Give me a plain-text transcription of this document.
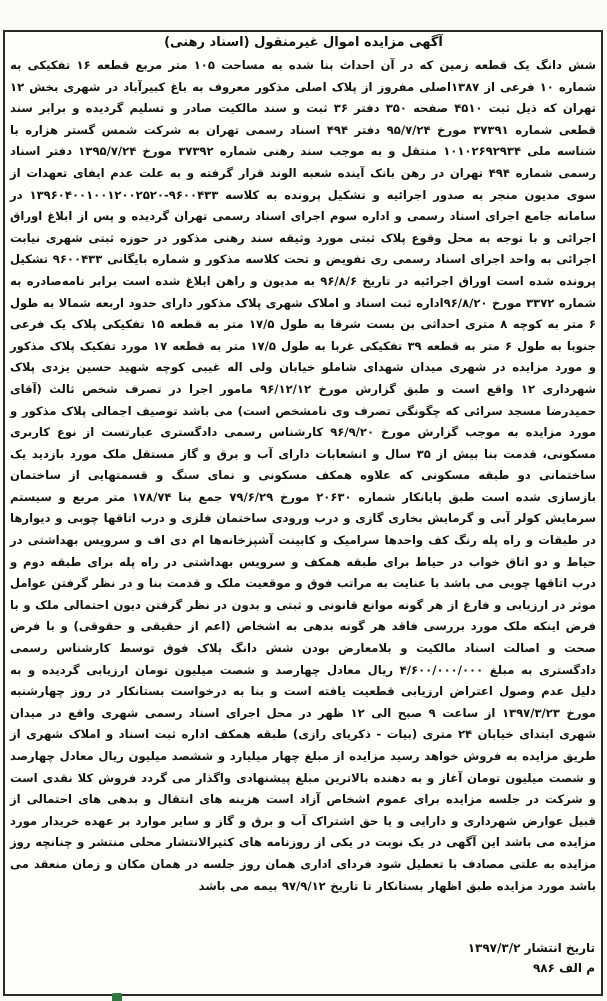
آگهی مزایده اموال غیرمنقول (اسناد رهنی)
شش دانگ یک قطعه زمین که در آن احداث بنا شده به مساحت ۱۰۵ متر مربع قطعه ۱۶ تفکیکی به شماره ۱۰ فرعی از ۱۳۸۷اصلی مفروز از پلاک اصلی مذکور معروف به باغ کبیرآباد در شهری بخش ۱۲ تهران که ذیل ثبت ۴۵۱۰ صفحه ۳۵۰ دفتر ۳۶ ثبت و سند مالکیت صادر و تسلیم گردیده و برابر سند قطعی شماره ۳۷۳۹۱ مورخ ۹۵/۷/۲۴ دفتر ۴۹۴ اسناد رسمی تهران به شرکت شمس گستر هزاره با شناسه ملی ۱۰۱۰۲۶۹۲۹۳۴ منتقل و به موجب سند رهنی شماره ۳۷۳۹۲ مورخ ۱۳۹۵/۷/۲۴ دفتر اسناد رسمی شماره ۴۹۴ تهران در رهن بانک آینده شعبه الوند قرار گرفته و به علت عدم ایفای تعهدات از سوی مدیون منجر به صدور اجرائیه و تشکیل پرونده به کلاسه ۹۶۰۰۴۳۳-۱۳۹۶۰۴۰۰۱۰۰۱۲۰۰۲۵۲۰ در سامانه جامع اجرای اسناد رسمی و اداره سوم اجرای اسناد رسمی تهران گردیده و پس از ابلاغ اوراق اجرائی و با توجه به محل وقوع پلاک ثبتی مورد وثیقه سند رهنی مذکور در حوزه ثبتی شهری نیابت اجرائی به واحد اجرای اسناد رسمی ری تفویض و تحت کلاسه مذکور و شماره بایگانی ۹۶۰۰۴۳۳ تشکیل پرونده شده است اوراق اجرائیه در تاریخ ۹۶/۸/۶ به مدیون و راهن ابلاغ شده است برابر نامه‌صادره به شماره ۳۳۷۲ مورخ ۹۶/۸/۲۰اداره ثبت اسناد و املاک شهری پلاک مذکور دارای حدود اربعه شمالا به طول ۶ متر به کوچه ۸ متری احداثی بن بست شرقا به طول ۱۷/۵ متر به قطعه ۱۵ تفکیکی پلاک یک فرعی جنوبا به طول ۶ متر به قطعه ۳۹ تفکیکی غربا به طول ۱۷/۵ متر به قطعه ۱۷ مورد تفکیک پلاک مذکور و مورد مزایده در شهری میدان شهدای شاملو خیابان ولی اله غیبی کوچه شهید حسین یزدی پلاک شهرداری ۱۲ واقع است و طبق گزارش مورخ ۹۶/۱۲/۱۲ مامور اجرا در تصرف شخص ثالث (آقای حمیدرضا مسجد سرائی که چگونگی تصرف وی نامشخص است) می باشد توصیف اجمالی پلاک مذکور و مورد مزایده به موجب گزارش مورخ ۹۶/۹/۲۰ کارشناس رسمی دادگستری عبارتست از نوع کاربری مسکونی، قدمت بنا بیش از ۳۵ سال و انشعابات دارای آب و برق و گاز مستقل ملک مورد بازدید یک ساختمانی دو طبقه مسکونی که علاوه همکف مسکونی و نمای سنگ و قسمتهایی از ساختمان بازسازی شده است طبق پایانکار شماره ۲۰۶۳۰ مورخ ۷۹/۶/۲۹ جمع بنا ۱۷۸/۷۴ متر مربع و سیستم سرمایش کولر آبی و گرمایش بخاری گازی و درب ورودی ساختمان فلزی و درب اتاقها چوبی و دیوارها در طبقات و راه پله رنگ کف واحدها سرامیک و کابینت آشپزخانه‌ها ام دی اف و سرویس بهداشتی در حیاط و دو اتاق خواب در حیاط برای طبقه همکف و سرویس بهداشتی در راه پله برای طبقه دوم و درب اتاقها چوبی می باشد با عنایت به مراتب فوق و موقعیت ملک و قدمت بنا و در نظر گرفتن عوامل موثر در ارزیابی و فارغ از هر گونه موانع قانونی و ثبتی و بدون در نظر گرفتن دیون احتمالی ملک و با فرض اینکه ملک مورد بررسی فاقد هر گونه بدهی به اشخاص (اعم از حقیقی و حقوقی) و با فرض صحت و اصالت اسناد مالکیت و بلامعارض بودن شش دانگ پلاک فوق توسط کارشناس رسمی دادگستری به مبلغ ۴/۶۰۰/۰۰۰/۰۰۰ ریال معادل چهارصد و شصت میلیون تومان ارزیابی گردیده و به دلیل عدم وصول اعتراض ارزیابی قطعیت یافته است و بنا به درخواست بستانکار در روز چهارشنبه مورخ ۱۳۹۷/۳/۲۳ از ساعت ۹ صبح الی ۱۲ ظهر در محل اجرای اسناد رسمی شهری واقع در میدان شهری ابتدای خیابان ۲۴ متری (بیات - ذکریای رازی) طبقه همکف اداره ثبت اسناد و املاک شهری از طریق مزایده به فروش خواهد رسید مزایده از مبلغ چهار میلیارد و ششصد میلیون ریال معادل چهارصد و شصت میلیون تومان آغاز و به دهنده بالاترین مبلغ پیشنهادی واگذار می گردد فروش کلا نقدی است و شرکت در جلسه مزایده برای عموم اشخاص آزاد است هزینه های انتقال و بدهی های احتمالی از قبیل عوارض شهرداری و دارایی و یا حق اشتراک آب و برق و گاز و سایر موارد بر عهده خریدار مورد مزایده می باشد این آگهی در یک نوبت در یکی از روزنامه های کثیرالانتشار محلی منتشر و چنانچه روز مزایده به علتی مصادف با تعطیل شود فردای اداری همان روز جلسه در همان مکان و زمان منعقد می باشد مورد مزایده طبق اظهار بستانکار تا تاریخ ۹۷/۹/۱۲ بیمه می باشد
تاریخ انتشار ۱۳۹۷/۳/۲
م الف ۹۸۶
